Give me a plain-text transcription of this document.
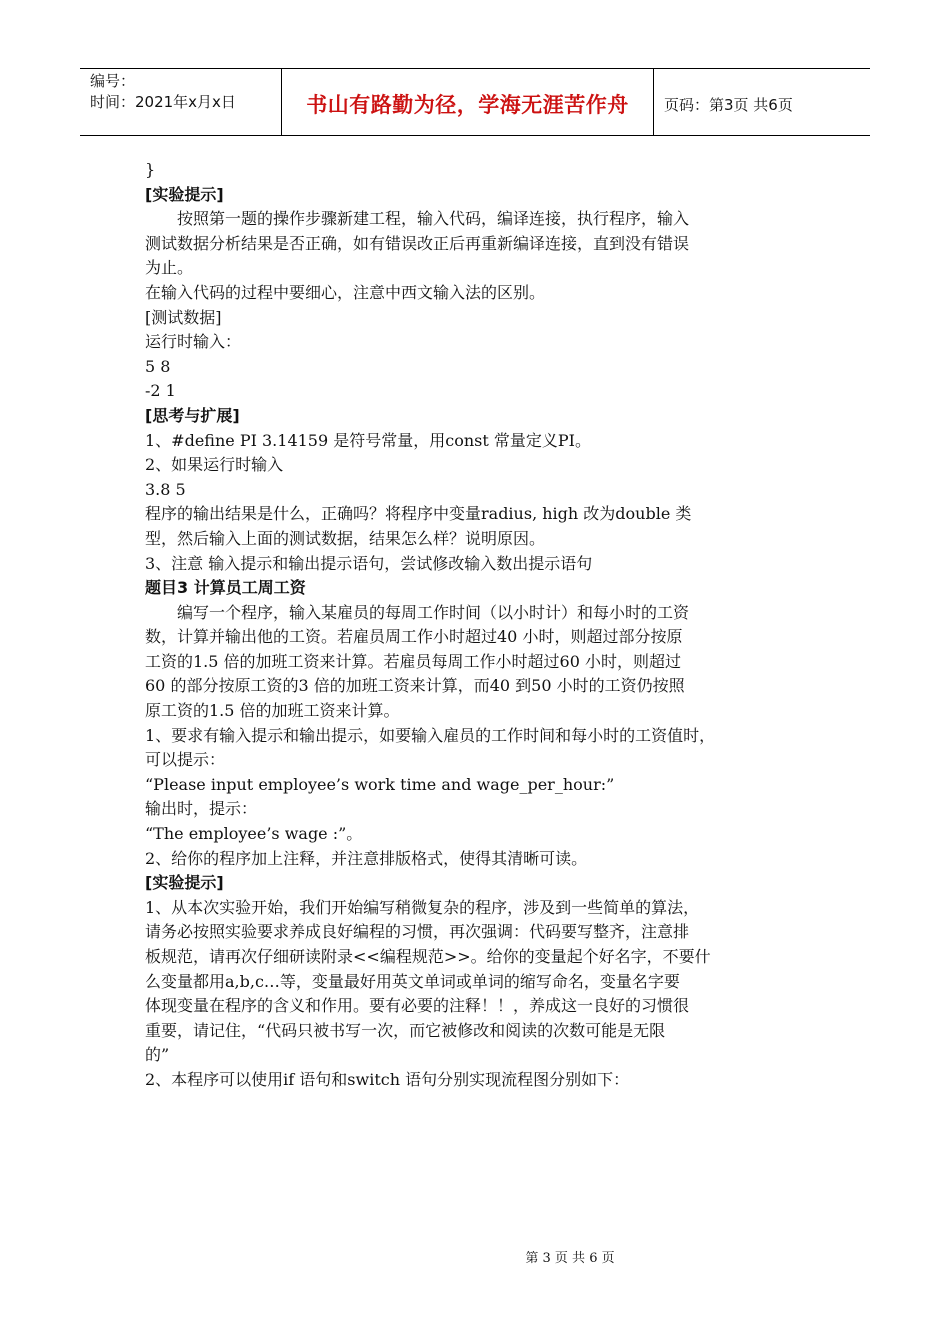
编号：
时间：2021年x月x日	书山有路勤为径，学海无涯苦作舟 页码：第3页 共6页
}
[实验提示]
按照第一题的操作步骤新建工程，输入代码，编译连接，执行程序，输入
测试数据分析结果是否正确，如有错误改正后再重新编译连接，直到没有错误
为止。
在输入代码的过程中要细心，注意中西文输入法的区别。
[测试数据]
运行时输入：
5 8
-2 1
[思考与扩展]
1、#define PI 3.14159 是符号常量，用const 常量定义PI。
2、如果运行时输入
3.8 5
程序的输出结果是什么，正确吗？将程序中变量radius, high 改为double 类
型，然后输入上面的测试数据，结果怎么样？说明原因。
3、注意 输入提示和输出提示语句，尝试修改输入数出提示语句
题目3 计算员工周工资
编写一个程序，输入某雇员的每周工作时间（以小时计）和每小时的工资
数，计算并输出他的工资。若雇员周工作小时超过40 小时，则超过部分按原
工资的1.5 倍的加班工资来计算。若雇员每周工作小时超过60 小时，则超过
60 的部分按原工资的3 倍的加班工资来计算，而40 到50 小时的工资仍按照
原工资的1.5 倍的加班工资来计算。
1、要求有输入提示和输出提示，如要输入雇员的工作时间和每小时的工资值时，
可以提示：
“Please input employee’s work time and wage_per_hour:”
输出时，提示：
“The employee’s wage :”。
2、给你的程序加上注释，并注意排版格式，使得其清晰可读。
[实验提示]
1、从本次实验开始，我们开始编写稍微复杂的程序，涉及到一些简单的算法，
请务必按照实验要求养成良好编程的习惯，再次强调：代码要写整齐，注意排
板规范，请再次仔细研读附录<<编程规范>>。给你的变量起个好名字，不要什
么变量都用a,b,c…等，变量最好用英文单词或单词的缩写命名，变量名字要
体现变量在程序的含义和作用。要有必要的注释！！，养成这一良好的习惯很
重要，请记住，“代码只被书写一次，而它被修改和阅读的次数可能是无限
的”
2、本程序可以使用if 语句和switch 语句分别实现流程图分别如下：
第 3 页 共 6 页
